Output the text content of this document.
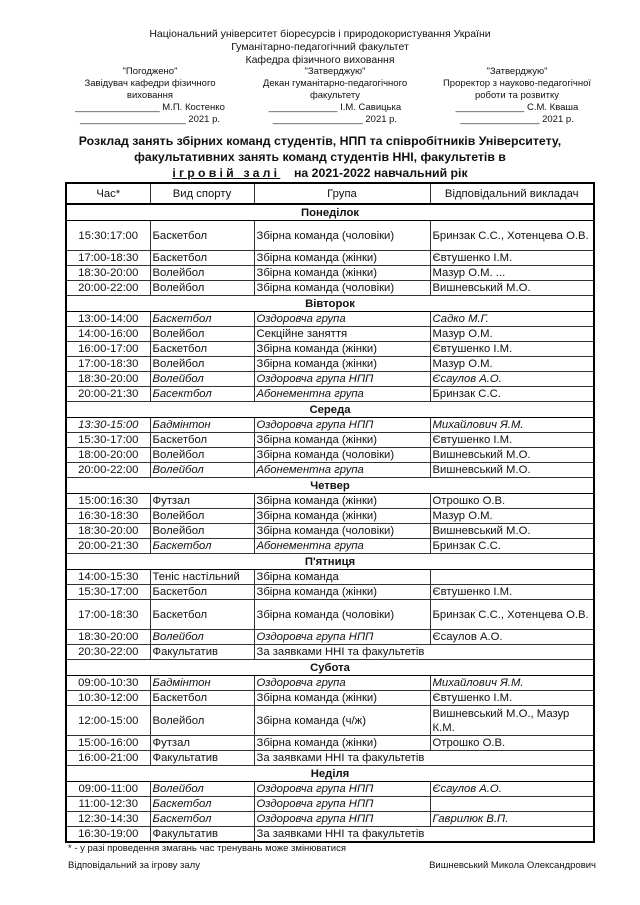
Національний університет біоресурсів і природокористування України
Гуманітарно-педагогічний факультет
Кафедра фізичного виховання
"Погоджено"
Завідувач кафедри фізичного
виховання
________________ М.П. Костенко
____________________ 2021 р.
"Затверджую"
Декан гуманітарно-педагогічного
факультету
_____________ І.М. Савицька
_________________ 2021 р.
"Затверджую"
Проректор з науково-педагогічної
роботи та розвитку
_____________ С.М. Кваша
_______________ 2021 р.
Розклад занять збірних команд студентів, НПП та співробітників Університету,
факультативних занять команд студентів ННІ, факультетів в
ігровій залі на 2021-2022 навчальний рік
Час*	Вид спорту	Група	Відповідальний викладач
Понеділок			
15:30:17:00	Баскетбол	Збірна команда (чоловіки)	Бринзак С.С., Хотенцева О.В.
17:00-18:30	Баскетбол	Збірна команда (жінки)	Євтушенко І.М.
18:30-20:00	Волейбол	Збірна команда (жінки)	Мазур О.М. ...
20:00-22:00	Волейбол	Збірна команда (чоловіки)	Вишневський М.О.
Вівторок			
13:00-14:00	Баскетбол	Оздоровча група	Садко М.Г.
14:00-16:00	Волейбол	Секційне заняття	Мазур О.М.
16:00-17:00	Баскетбол	Збірна команда (жінки)	Євтушенко І.М.
17:00-18:30	Волейбол	Збірна команда (жінки)	Мазур О.М.
18:30-20:00	Волейбол	Оздоровча група НПП	Єсаулов А.О.
20:00-21:30	Басектбол	Абонементна група	Бринзак С.С.
Середа			
13:30-15:00	Бадмінтон	Оздоровча група НПП	Михайлович Я.М.
15:30-17:00	Баскетбол	Збірна команда (жінки)	Євтушенко І.М.
18:00-20:00	Волейбол	Збірна команда (чоловіки)	Вишневський М.О.
20:00-22:00	Волейбол	Абонементна група	Вишневський М.О.
Четвер			
15:00:16:30	Футзал	Збірна команда (жінки)	Отрошко О.В.
16:30-18:30	Волейбол	Збірна команда (жінки)	Мазур О.М.
18:30-20:00	Волейбол	Збірна команда (чоловіки)	Вишневський М.О.
20:00-21:30	Баскетбол	Абонементна група	Бринзак С.С.
П'ятниця			
14:00-15:30	Теніс настільний	Збірна команда	
15:30-17:00	Баскетбол	Збірна команда (жінки)	Євтушенко І.М.
17:00-18:30	Баскетбол	Збірна команда (чоловіки)	Бринзак С.С., Хотенцева О.В.
18:30-20:00	Волейбол	Оздоровча група НПП	Єсаулов А.О.
20:30-22:00	Факультатив	За заявками ННІ та факультетів	
Субота			
09:00-10:30	Бадмінтон	Оздоровча група	Михайлович Я.М.
10:30-12:00	Баскетбол	Збірна команда (жінки)	Євтушенко І.М.
12:00-15:00	Волейбол	Збірна команда (ч/ж)	Вишневський М.О., Мазур К.М.
15:00-16:00	Футзал	Збірна команда (жінки)	Отрошко О.В.
16:00-21:00	Факультатив	За заявками ННІ та факультетів	
Неділя			
09:00-11:00	Волейбол	Оздоровча група НПП	Єсаулов А.О.
11:00-12:30	Баскетбол	Оздоровча група НПП	
12:30-14:30	Баскетбол	Оздоровча група НПП	Гаврилюк В.П.
16:30-19:00	Факультатив	За заявками ННІ та факультетів	
* - у разі проведення змагань час тренувань може змінюватися
Відповідальний за ігрову залу	Вишневський Микола Олександрович
